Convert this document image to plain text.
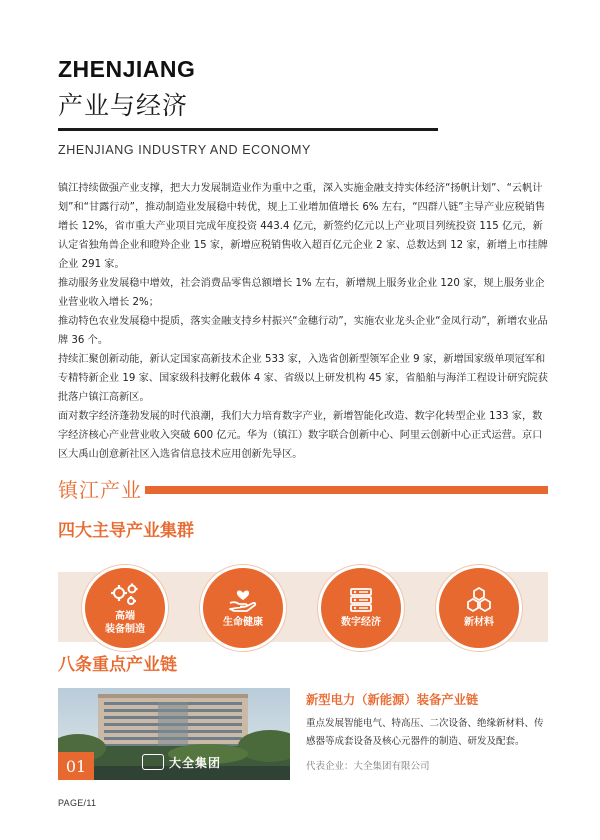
ZHENJIANG
产业与经济
ZHENJIANG INDUSTRY AND ECONOMY

镇江持续做强产业支撑，把大力发展制造业作为重中之重，深入实施金融支持实体经济“扬帆计划”、“云帆计划”和“甘露行动”，推动制造业发展稳中转优，规上工业增加值增长 6% 左右，“四群八链”主导产业应税销售增长 12%，省市重大产业项目完成年度投资 443.4 亿元，新签约亿元以上产业项目列统投资 115 亿元，新认定省独角兽企业和瞪羚企业 15 家，新增应税销售收入超百亿元企业 2 家、总数达到 12 家，新增上市挂牌企业 291 家。

推动服务业发展稳中增效，社会消费品零售总额增长 1% 左右，新增规上服务业企业 120 家，规上服务业企业营业收入增长 2%；

推动特色农业发展稳中提质，落实金融支持乡村振兴“金穗行动”，实施农业龙头企业“金凤行动”，新增农业品牌 36 个。

持续汇聚创新动能，新认定国家高新技术企业 533 家，入选省创新型领军企业 9 家，新增国家级单项冠军和专精特新企业 19 家、国家级科技孵化载体 4 家、省级以上研发机构 45 家，省船舶与海洋工程设计研究院获批落户镇江高新区。

面对数字经济蓬勃发展的时代浪潮，我们大力培育数字产业，新增智能化改造、数字化转型企业 133 家，数字经济核心产业营业收入突破 600 亿元。华为（镇江）数字联合创新中心、阿里云创新中心正式运营。京口区大禹山创意新社区入选省信息技术应用创新先导区。

镇江产业
四大主导产业集群
高端
装备制造
生命健康	数字经济	新材料
八条重点产业链
01	大全集团
新型电力（新能源）装备产业链
重点发展智能电气、特高压、二次设备、绝缘新材料、传感器等成套设备及核心元器件的制造、研发及配套。
代表企业：大全集团有限公司
PAGE/11
